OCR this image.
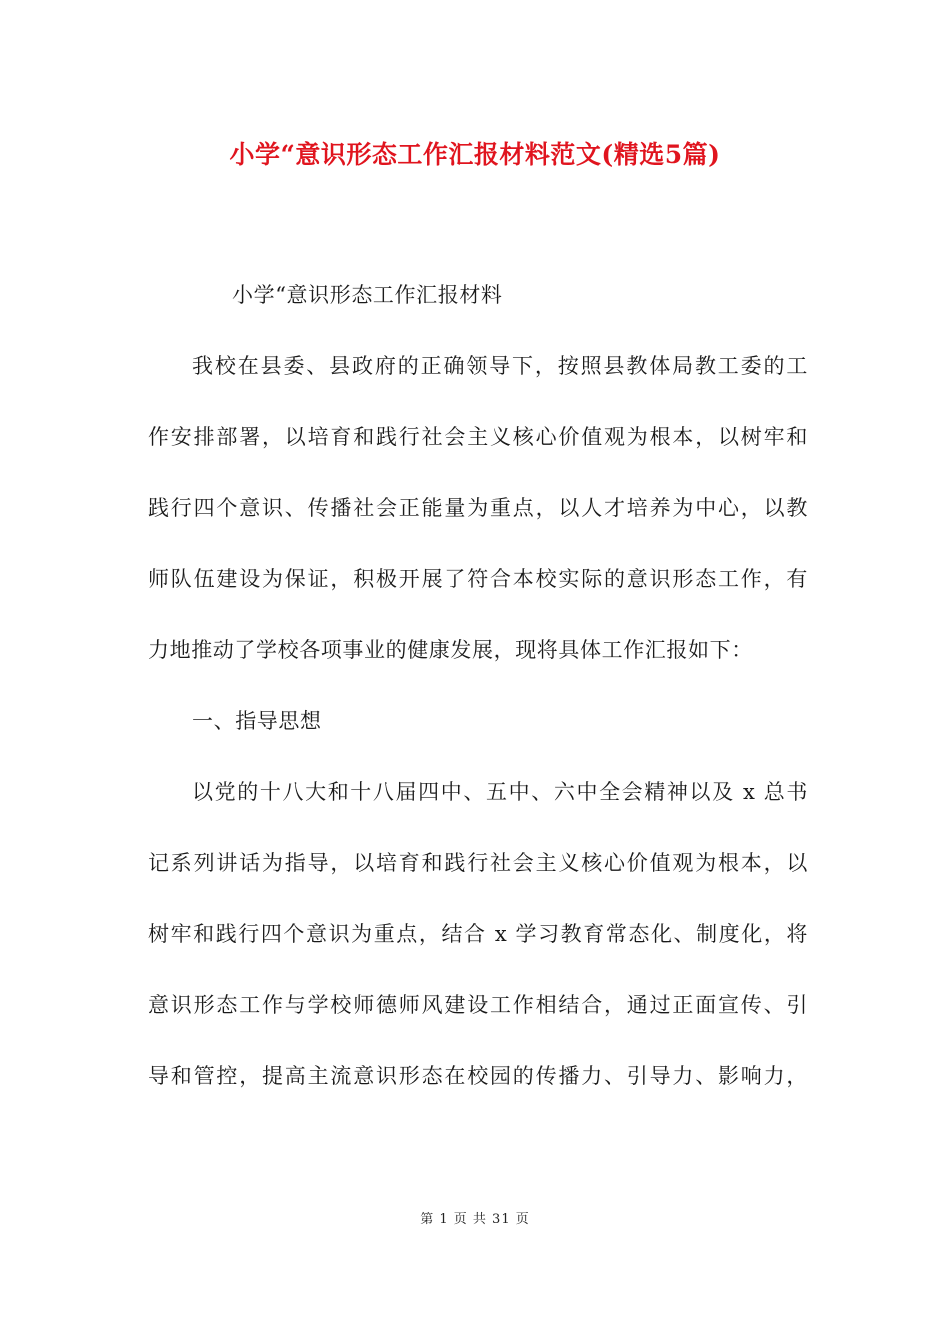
小学“意识形态工作汇报材料范文(精选5篇)
小学“意识形态工作汇报材料
我校在县委、县政府的正确领导下，按照县教体局教工委的工
作安排部署，以培育和践行社会主义核心价值观为根本，以树牢和
践行四个意识、传播社会正能量为重点，以人才培养为中心，以教
师队伍建设为保证，积极开展了符合本校实际的意识形态工作，有
力地推动了学校各项事业的健康发展，现将具体工作汇报如下：
一、指导思想
以党的十八大和十八届四中、五中、六中全会精神以及 x 总书
记系列讲话为指导，以培育和践行社会主义核心价值观为根本，以
树牢和践行四个意识为重点，结合 x 学习教育常态化、制度化，将
意识形态工作与学校师德师风建设工作相结合，通过正面宣传、引
导和管控，提高主流意识形态在校园的传播力、引导力、影响力，
第 1 页 共 31 页
